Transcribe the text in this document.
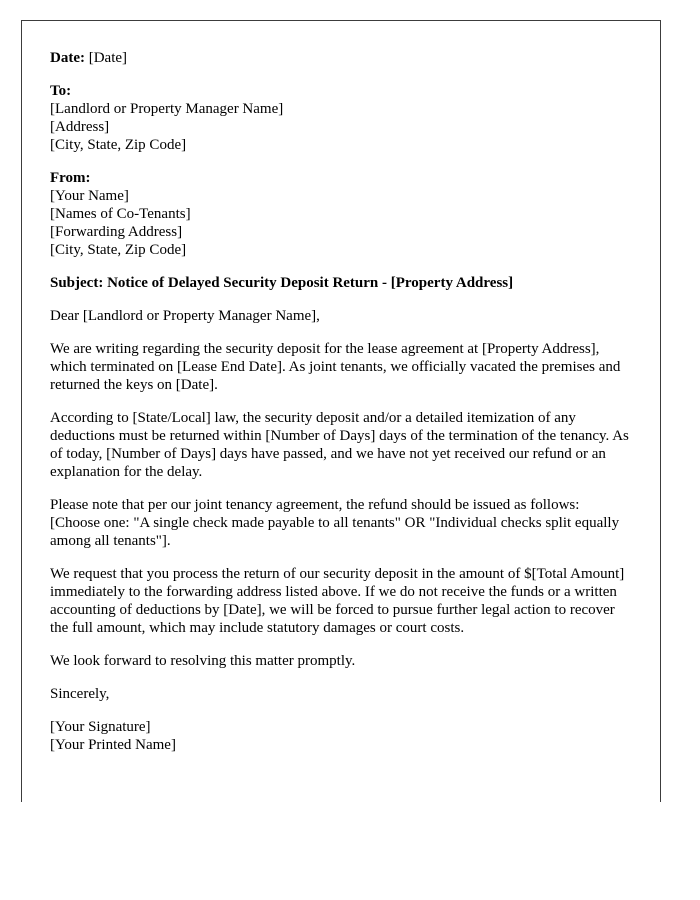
Date: [Date]

To:
[Landlord or Property Manager Name]
[Address]
[City, State, Zip Code]

From:
[Your Name]
[Names of Co-Tenants]
[Forwarding Address]
[City, State, Zip Code]

Subject: Notice of Delayed Security Deposit Return - [Property Address]

Dear [Landlord or Property Manager Name],

We are writing regarding the security deposit for the lease agreement at [Property Address], which terminated on [Lease End Date]. As joint tenants, we officially vacated the premises and returned the keys on [Date].

According to [State/Local] law, the security deposit and/or a detailed itemization of any deductions must be returned within [Number of Days] days of the termination of the tenancy. As of today, [Number of Days] days have passed, and we have not yet received our refund or an explanation for the delay.

Please note that per our joint tenancy agreement, the refund should be issued as follows: [Choose one: "A single check made payable to all tenants" OR "Individual checks split equally among all tenants"].

We request that you process the return of our security deposit in the amount of $[Total Amount] immediately to the forwarding address listed above. If we do not receive the funds or a written accounting of deductions by [Date], we will be forced to pursue further legal action to recover the full amount, which may include statutory damages or court costs.

We look forward to resolving this matter promptly.

Sincerely,

[Your Signature]
[Your Printed Name]
